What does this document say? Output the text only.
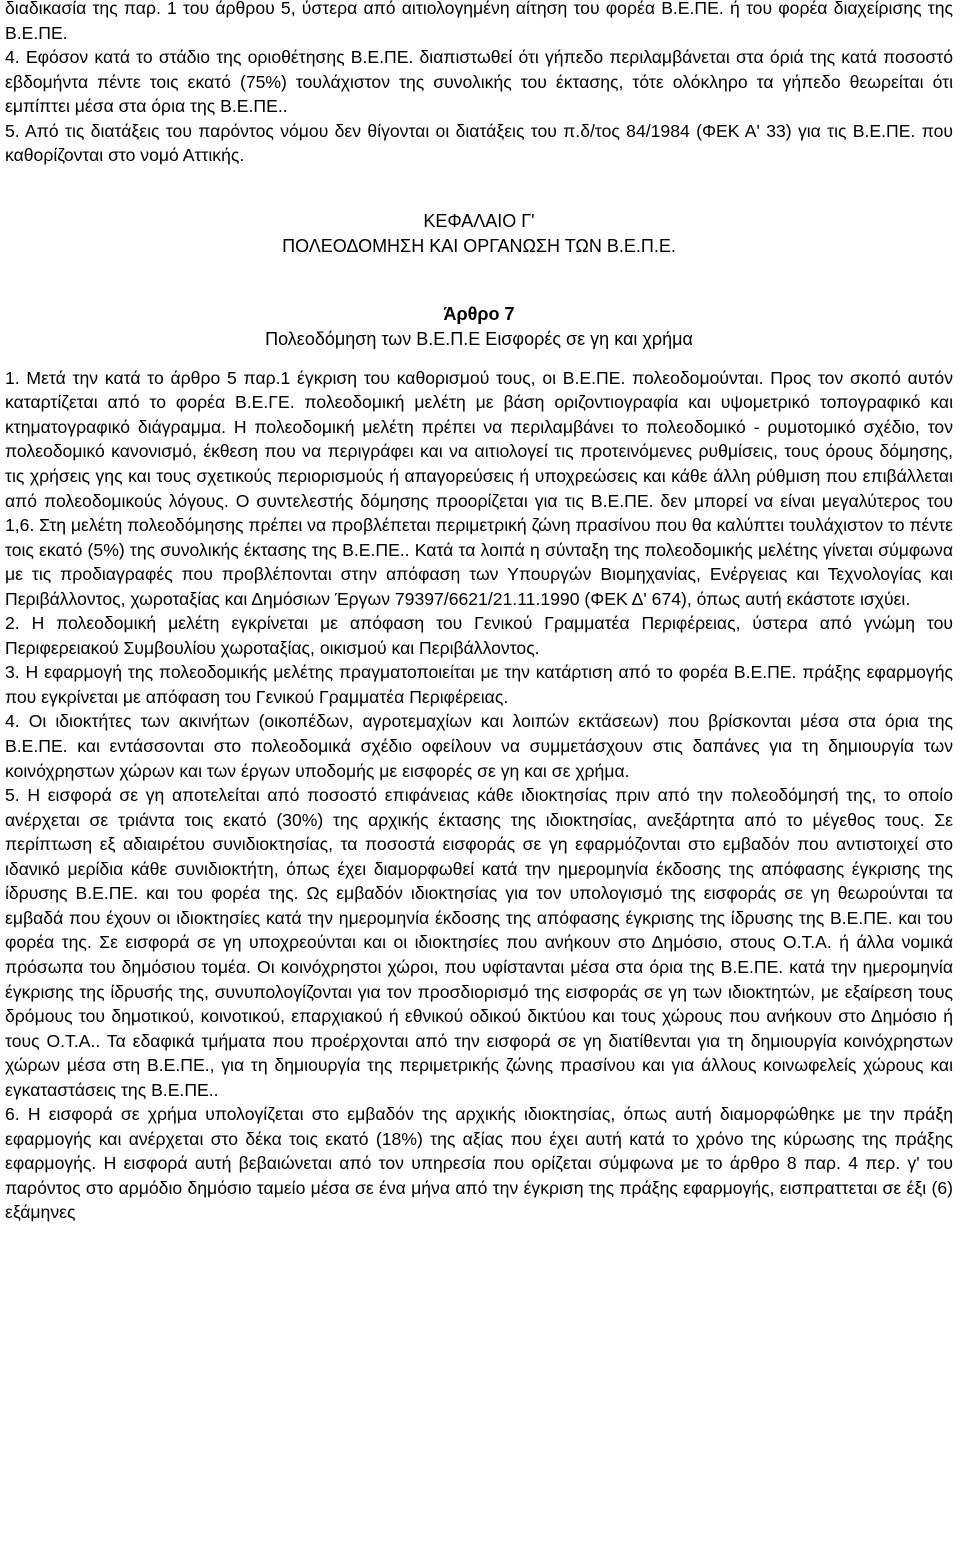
διαδικασία της παρ. 1 του άρθρου 5, ύστερα από αιτιολογημένη αίτηση του φορέα Β.Ε.ΠΕ. ή του φορέα διαχείρισης της Β.Ε.ΠΕ.

4. Εφόσον κατά το στάδιο της οριοθέτησης Β.Ε.ΠΕ. διαπιστωθεί ότι γήπεδο περιλαμβάνεται στα όριά της κατά ποσοστό εβδομήντα πέντε τοις εκατό (75%) τουλάχιστον της συνολικής του έκτασης, τότε ολόκληρο τα γήπεδο θεωρείται ότι εμπίπτει μέσα στα όρια της Β.Ε.ΠΕ..

5. Από τις διατάξεις του παρόντος νόμου δεν θίγονται οι διατάξεις του π.δ/τος 84/1984 (ΦΕΚ Α' 33) για τις Β.Ε.ΠΕ. που καθορίζονται στο νομό Αττικής.

ΚΕΦΑΛΑΙΟ Γ'

ΠΟΛΕΟΔΟΜΗΣΗ ΚΑΙ ΟΡΓΑΝΩΣΗ ΤΩΝ Β.Ε.Π.Ε.

Άρθρο 7

Πολεοδόμηση των Β.Ε.Π.Ε Εισφορές σε γη και χρήμα

1. Μετά την κατά το άρθρο 5 παρ.1 έγκριση του καθορισμού τους, οι Β.Ε.ΠΕ. πολεοδομούνται. Προς τον σκοπό αυτόν καταρτίζεται από το φορέα Β.Ε.ΓΕ. πολεοδομική μελέτη με βάση οριζοντιογραφία και υψομετρικό τοπογραφικό και κτηματογραφικό διάγραμμα. Η πολεοδομική μελέτη πρέπει να περιλαμβάνει το πολεοδομικό - ρυμοτομικό σχέδιο, τον πολεοδομικό κανονισμό, έκθεση που να περιγράφει και να αιτιολογεί τις προτεινόμενες ρυθμίσεις, τους όρους δόμησης, τις χρήσεις γης και τους σχετικούς περιορισμούς ή απαγορεύσεις ή υποχρεώσεις και κάθε άλλη ρύθμιση που επιβάλλεται από πολεοδομικούς λόγους. Ο συντελεστής δόμησης προορίζεται για τις Β.Ε.ΠΕ. δεν μπορεί να είναι μεγαλύτερος του 1,6. Στη μελέτη πολεοδόμησης πρέπει να προβλέπεται περιμετρική ζώνη πρασίνου που θα καλύπτει τουλάχιστον το πέντε τοις εκατό (5%) της συνολικής έκτασης της Β.Ε.ΠΕ.. Κατά τα λοιπά η σύνταξη της πολεοδομικής μελέτης γίνεται σύμφωνα με τις προδιαγραφές που προβλέπονται στην απόφαση των Υπουργών Βιομηχανίας, Ενέργειας και Τεχνολογίας και Περιβάλλοντος, χωροταξίας και Δημόσιων Έργων 79397/6621/21.11.1990 (ΦΕΚ Δ' 674), όπως αυτή εκάστοτε ισχύει.

2. Η πολεοδομική μελέτη εγκρίνεται με απόφαση του Γενικού Γραμματέα Περιφέρειας, ύστερα από γνώμη του Περιφερειακού Συμβουλίου χωροταξίας, οικισμού και Περιβάλλοντος.

3. Η εφαρμογή της πολεοδομικής μελέτης πραγματοποιείται με την κατάρτιση από το φορέα Β.Ε.ΠΕ. πράξης εφαρμογής που εγκρίνεται με απόφαση του Γενικού Γραμματέα Περιφέρειας.

4. Οι ιδιοκτήτες των ακινήτων (οικοπέδων, αγροτεμαχίων και λοιπών εκτάσεων) που βρίσκονται μέσα στα όρια της Β.Ε.ΠΕ. και εντάσσονται στο πολεοδομικά σχέδιο οφείλουν να συμμετάσχουν στις δαπάνες για τη δημιουργία των κοινόχρηστων χώρων και των έργων υποδομής με εισφορές σε γη και σε χρήμα.

5. Η εισφορά σε γη αποτελείται από ποσοστό επιφάνειας κάθε ιδιοκτησίας πριν από την πολεοδόμησή της, το οποίο ανέρχεται σε τριάντα τοις εκατό (30%) της αρχικής έκτασης της ιδιοκτησίας, ανεξάρτητα από το μέγεθος τους. Σε περίπτωση εξ αδιαιρέτου συνιδιοκτησίας, τα ποσοστά εισφοράς σε γη εφαρμόζονται στο εμβαδόν που αντιστοιχεί στο ιδανικό μερίδια κάθε συνιδιοκτήτη, όπως έχει διαμορφωθεί κατά την ημερομηνία έκδοσης της απόφασης έγκρισης της ίδρυσης Β.Ε.ΠΕ. και του φορέα της. Ως εμβαδόν ιδιοκτησίας για τον υπολογισμό της εισφοράς σε γη θεωρούνται τα εμβαδά που έχουν οι ιδιοκτησίες κατά την ημερομηνία έκδοσης της απόφασης έγκρισης της ίδρυσης της Β.Ε.ΠΕ. και του φορέα της. Σε εισφορά σε γη υποχρεούνται και οι ιδιοκτησίες που ανήκουν στο Δημόσιο, στους Ο.Τ.Α. ή άλλα νομικά πρόσωπα του δημόσιου τομέα. Οι κοινόχρηστοι χώροι, που υφίστανται μέσα στα όρια της Β.Ε.ΠΕ. κατά την ημερομηνία έγκρισης της ίδρυσής της, συνυπολογίζονται για τον προσδιορισμό της εισφοράς σε γη των ιδιοκτητών, με εξαίρεση τους δρόμους του δημοτικού, κοινοτικού, επαρχιακού ή εθνικού οδικού δικτύου και τους χώρους που ανήκουν στο Δημόσιο ή τους Ο.Τ.Α.. Τα εδαφικά τμήματα που προέρχονται από την εισφορά σε γη διατίθενται για τη δημιουργία κοινόχρηστων χώρων μέσα στη Β.Ε.ΠΕ., για τη δημιουργία της περιμετρικής ζώνης πρασίνου και για άλλους κοινωφελείς χώρους και εγκαταστάσεις της Β.Ε.ΠΕ..

6. Η εισφορά σε χρήμα υπολογίζεται στο εμβαδόν της αρχικής ιδιοκτησίας, όπως αυτή διαμορφώθηκε με την πράξη εφαρμογής και ανέρχεται στο δέκα τοις εκατό (18%) της αξίας που έχει αυτή κατά το χρόνο της κύρωσης της πράξης εφαρμογής. Η εισφορά αυτή βεβαιώνεται από τον υπηρεσία που ορίζεται σύμφωνα με το άρθρο 8 παρ. 4 περ. γ' του παρόντος στο αρμόδιο δημόσιο ταμείο μέσα σε ένα μήνα από την έγκριση της πράξης εφαρμογής, εισπραττεται σε έξι (6) εξάμηνες
